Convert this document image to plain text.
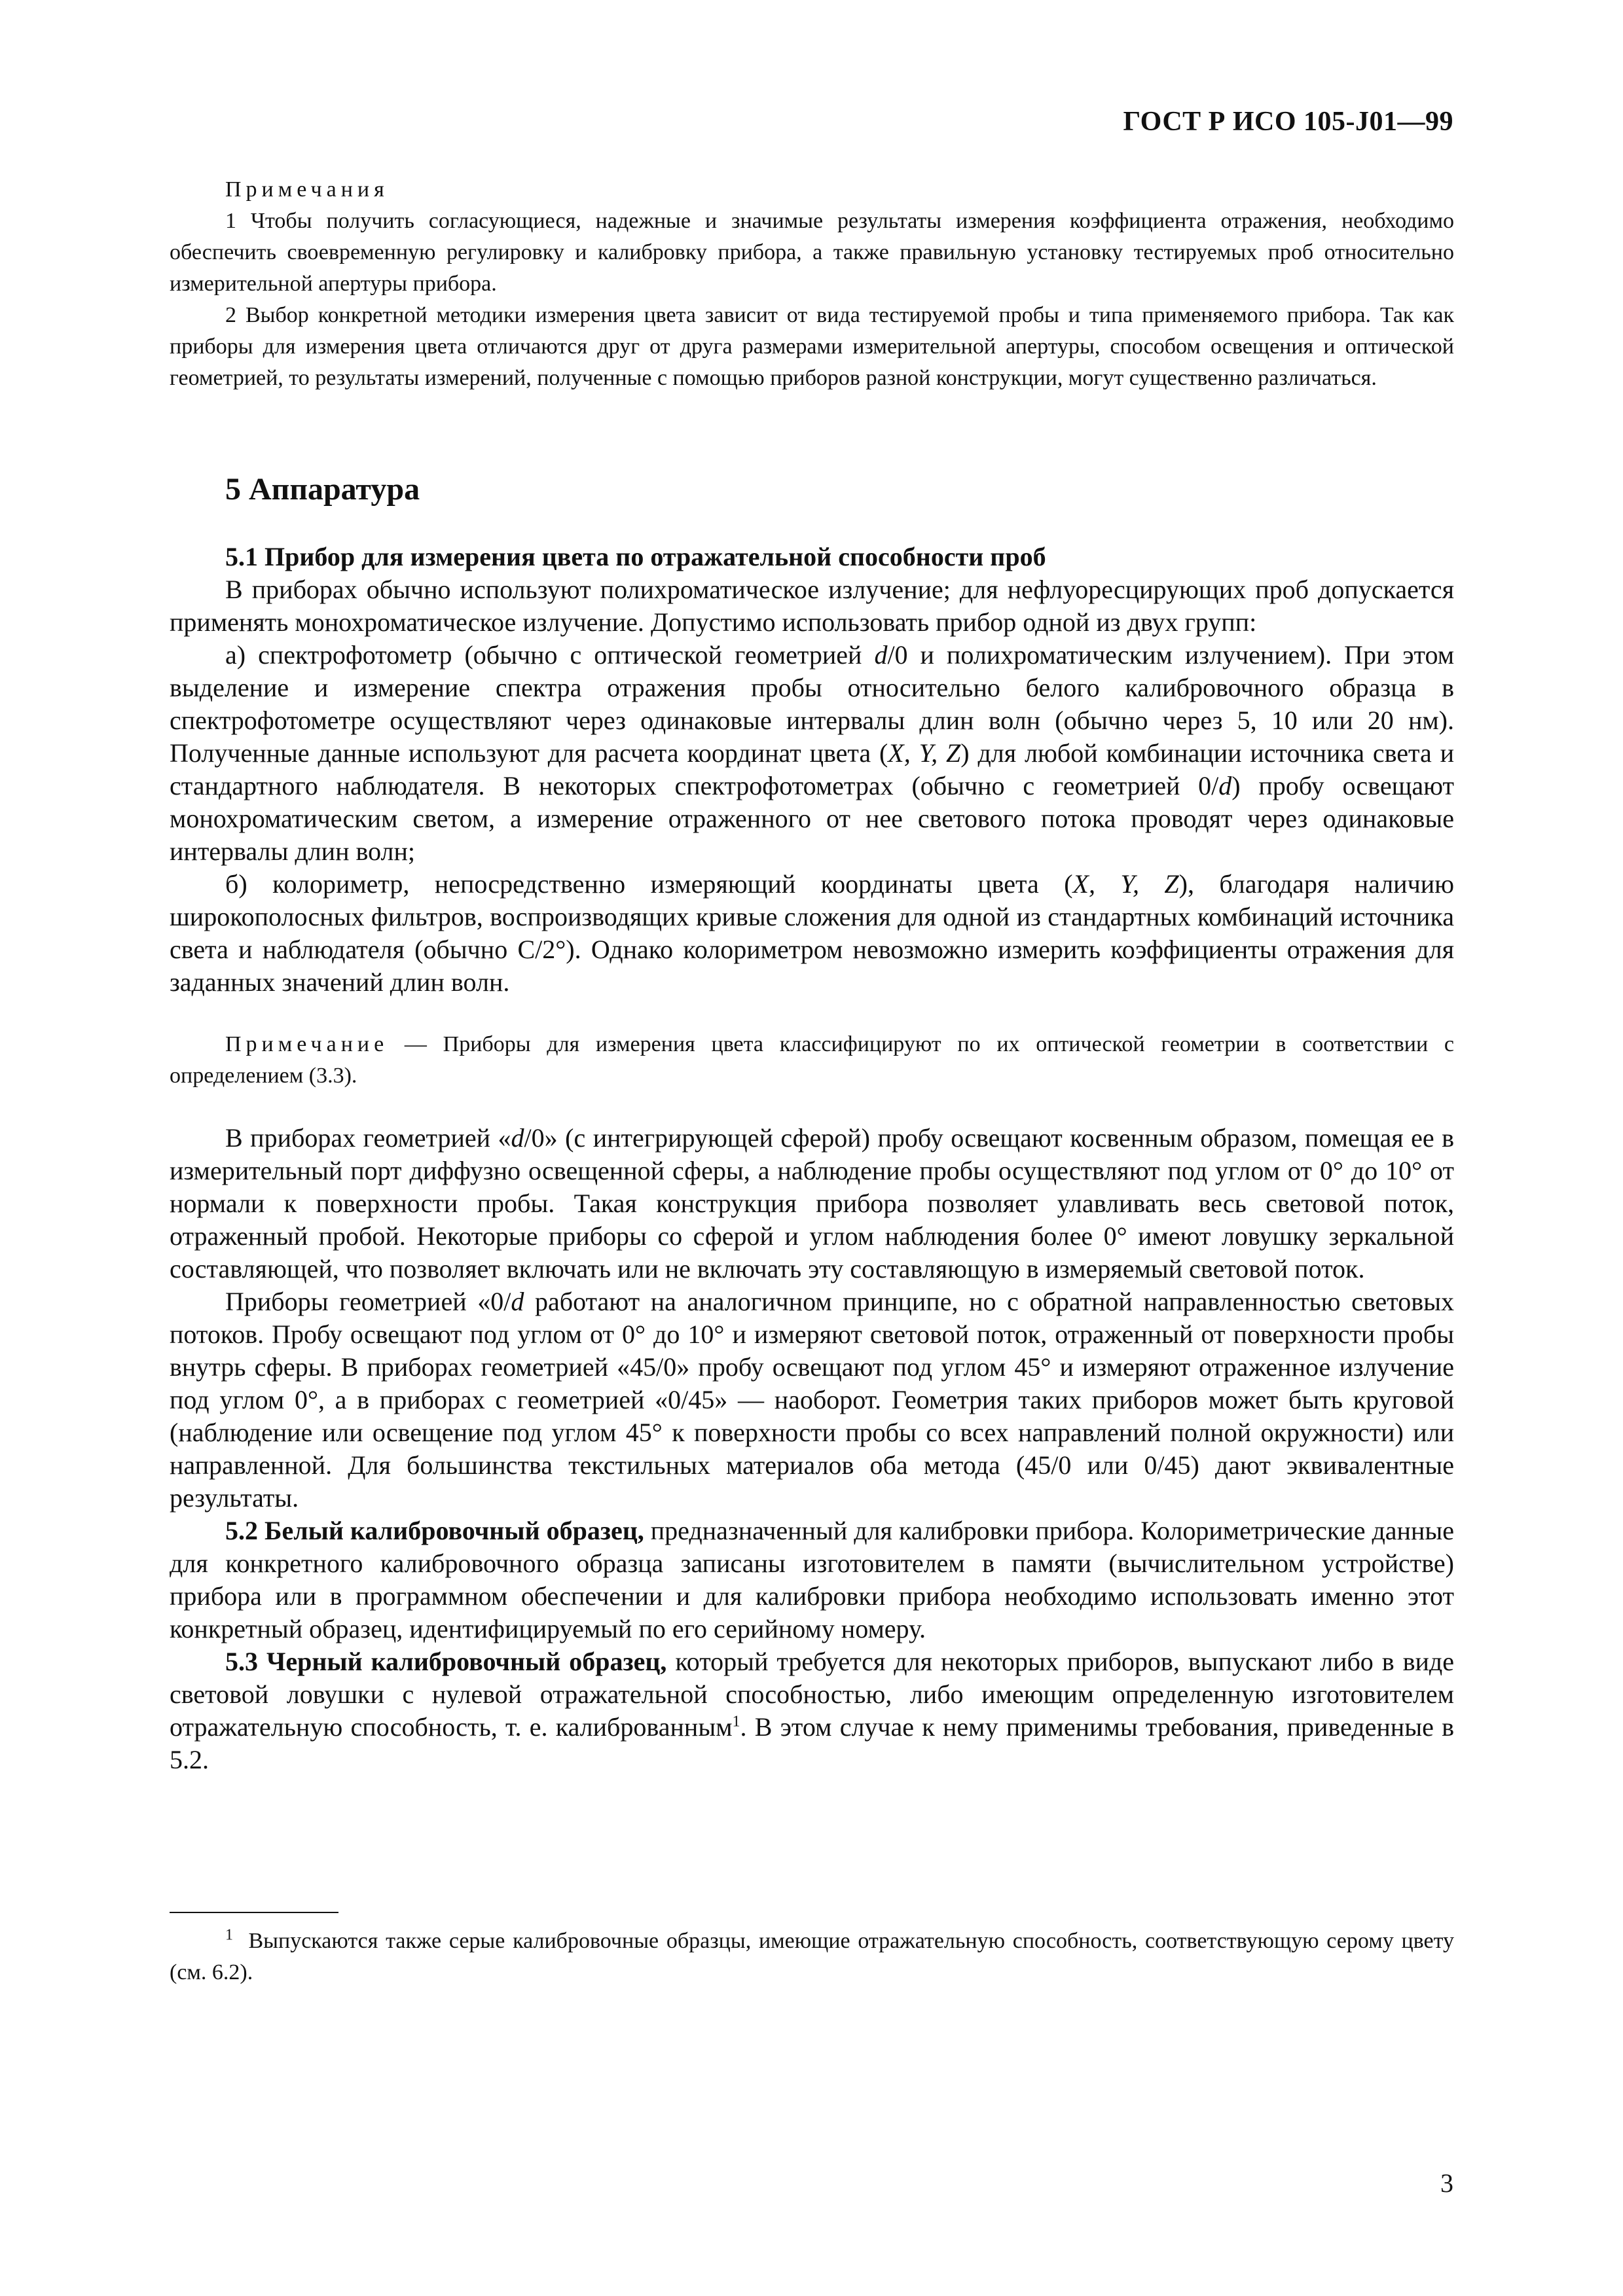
ГОСТ Р ИСО 105-J01—99

Примечания

1 Чтобы получить согласующиеся, надежные и значимые результаты измерения коэффициента отражения, необходимо обеспечить своевременную регулировку и калибровку прибора, а также правильную установку тестируемых проб относительно измерительной апертуры прибора.

2 Выбор конкретной методики измерения цвета зависит от вида тестируемой пробы и типа применяемого прибора. Так как приборы для измерения цвета отличаются друг от друга размерами измерительной апертуры, способом освещения и оптической геометрией, то результаты измерений, полученные с помощью приборов разной конструкции, могут существенно различаться.

5 Аппаратура

5.1 Прибор для измерения цвета по отражательной способности проб

В приборах обычно используют полихроматическое излучение; для нефлуоресцирующих проб допускается применять монохроматическое излучение. Допустимо использовать прибор одной из двух групп:

а) спектрофотометр (обычно с оптической геометрией d/0 и полихроматическим излучением). При этом выделение и измерение спектра отражения пробы относительно белого калибровочного образца в спектрофотометре осуществляют через одинаковые интервалы длин волн (обычно через 5, 10 или 20 нм). Полученные данные используют для расчета координат цвета (X, Y, Z) для любой комбинации источника света и стандартного наблюдателя. В некоторых спектрофотометрах (обычно с геометрией 0/d) пробу освещают монохроматическим светом, а измерение отраженного от нее светового потока проводят через одинаковые интервалы длин волн;

б) колориметр, непосредственно измеряющий координаты цвета (X, Y, Z), благодаря наличию широкополосных фильтров, воспроизводящих кривые сложения для одной из стандартных комбинаций источника света и наблюдателя (обычно С/2°). Однако колориметром невозможно измерить коэффициенты отражения для заданных значений длин волн.

Примечание — Приборы для измерения цвета классифицируют по их оптической геометрии в соответствии с определением (3.3).

В приборах геометрией «d/0» (с интегрирующей сферой) пробу освещают косвенным образом, помещая ее в измерительный порт диффузно освещенной сферы, а наблюдение пробы осуществляют под углом от 0° до 10° от нормали к поверхности пробы. Такая конструкция прибора позволяет улавливать весь световой поток, отраженный пробой. Некоторые приборы со сферой и углом наблюдения более 0° имеют ловушку зеркальной составляющей, что позволяет включать или не включать эту составляющую в измеряемый световой поток.

Приборы геометрией «0/d работают на аналогичном принципе, но с обратной направленностью световых потоков. Пробу освещают под углом от 0° до 10° и измеряют световой поток, отраженный от поверхности пробы внутрь сферы. В приборах геометрией «45/0» пробу освещают под углом 45° и измеряют отраженное излучение под углом 0°, а в приборах с геометрией «0/45» — наоборот. Геометрия таких приборов может быть круговой (наблюдение или освещение под углом 45° к поверхности пробы со всех направлений полной окружности) или направленной. Для большинства текстильных материалов оба метода (45/0 или 0/45) дают эквивалентные результаты.

5.2 Белый калибровочный образец, предназначенный для калибровки прибора. Колориметрические данные для конкретного калибровочного образца записаны изготовителем в памяти (вычислительном устройстве) прибора или в программном обеспечении и для калибровки прибора необходимо использовать именно этот конкретный образец, идентифицируемый по его серийному номеру.

5.3 Черный калибровочный образец, который требуется для некоторых приборов, выпускают либо в виде световой ловушки с нулевой отражательной способностью, либо имеющим определенную изготовителем отражательную способность, т. е. калиброванным$^1$. В этом случае к нему применимы требования, приведенные в 5.2.

$^1$ Выпускаются также серые калибровочные образцы, имеющие отражательную способность, соответствующую серому цвету (см. 6.2).

3
